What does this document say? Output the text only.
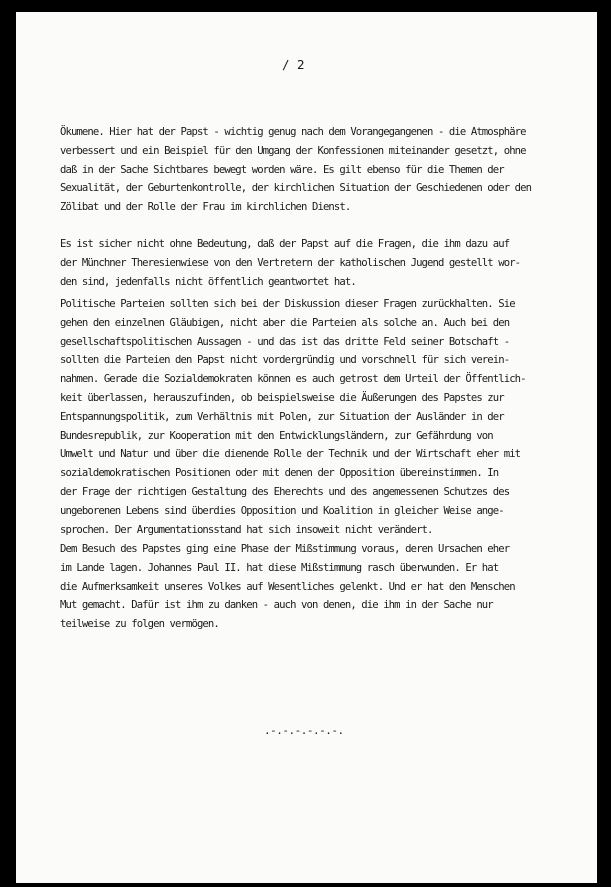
/ 2
Ökumene. Hier hat der Papst - wichtig genug nach dem Vorangegangenen - die Atmosphäre
verbessert und ein Beispiel für den Umgang der Konfessionen miteinander gesetzt, ohne
daß in der Sache Sichtbares bewegt worden wäre. Es gilt ebenso für die Themen der
Sexualität, der Geburtenkontrolle, der kirchlichen Situation der Geschiedenen oder den
Zölibat und der Rolle der Frau im kirchlichen Dienst.
Es ist sicher nicht ohne Bedeutung, daß der Papst auf die Fragen, die ihm dazu auf
der Münchner Theresienwiese von den Vertretern der katholischen Jugend gestellt wor-
den sind, jedenfalls nicht öffentlich geantwortet hat.
Politische Parteien sollten sich bei der Diskussion dieser Fragen zurückhalten. Sie
gehen den einzelnen Gläubigen, nicht aber die Parteien als solche an. Auch bei den
gesellschaftspolitischen Aussagen - und das ist das dritte Feld seiner Botschaft -
sollten die Parteien den Papst nicht vordergründig und vorschnell für sich verein-
nahmen. Gerade die Sozialdemokraten können es auch getrost dem Urteil der Öffentlich-
keit überlassen, herauszufinden, ob beispielsweise die Äußerungen des Papstes zur
Entspannungspolitik, zum Verhältnis mit Polen, zur Situation der Ausländer in der
Bundesrepublik, zur Kooperation mit den Entwicklungsländern, zur Gefährdung von
Umwelt und Natur und über die dienende Rolle der Technik und der Wirtschaft eher mit
sozialdemokratischen Positionen oder mit denen der Opposition übereinstimmen. In
der Frage der richtigen Gestaltung des Eherechts und des angemessenen Schutzes des
ungeborenen Lebens sind überdies Opposition und Koalition in gleicher Weise ange-
sprochen. Der Argumentationsstand hat sich insoweit nicht verändert.
Dem Besuch des Papstes ging eine Phase der Mißstimmung voraus, deren Ursachen eher
im Lande lagen. Johannes Paul II. hat diese Mißstimmung rasch überwunden. Er hat
die Aufmerksamkeit unseres Volkes auf Wesentliches gelenkt. Und er hat den Menschen
Mut gemacht. Dafür ist ihm zu danken - auch von denen, die ihm in der Sache nur
teilweise zu folgen vermögen.
.-.-.-.-.-.-.
